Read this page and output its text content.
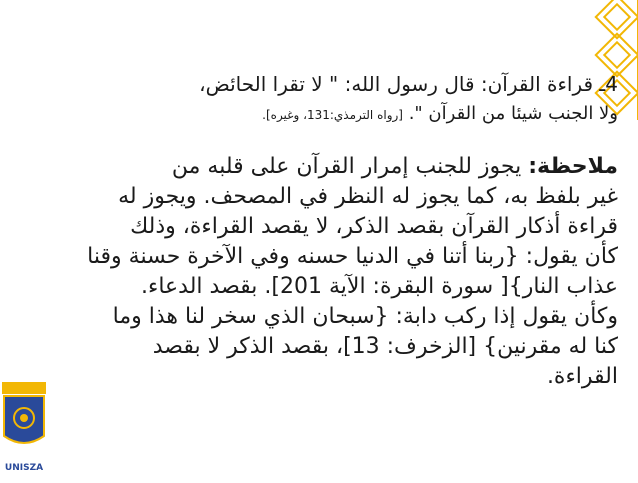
UNISZA
4ـ قراءة القرآن: قال رسول الله: " لا تقرا الحائض،
ولا الجنب شيئا من القرآن ". [رواه الترمذي:131، وغيره].
ملاحظة: يجوز للجنب إمرار القرآن على قلبه من
غير بلفظ به، كما يجوز له النظر في المصحف. ويجوز له
قراءة أذكار القرآن بقصد الذكر، لا يقصد القراءة، وذلك
كأن يقول: {ربنا أتنا في الدنيا حسنه وفي الآخرة حسنة وقنا
عذاب النار}[ سورة البقرة: الآية 201]. بقصد الدعاء.
وكأن يقول إذا ركب دابة: {سبحان الذي سخر لنا هذا وما
كنا له مقرنين} [الزخرف: 13]، بقصد الذكر لا بقصد
القراءة.
